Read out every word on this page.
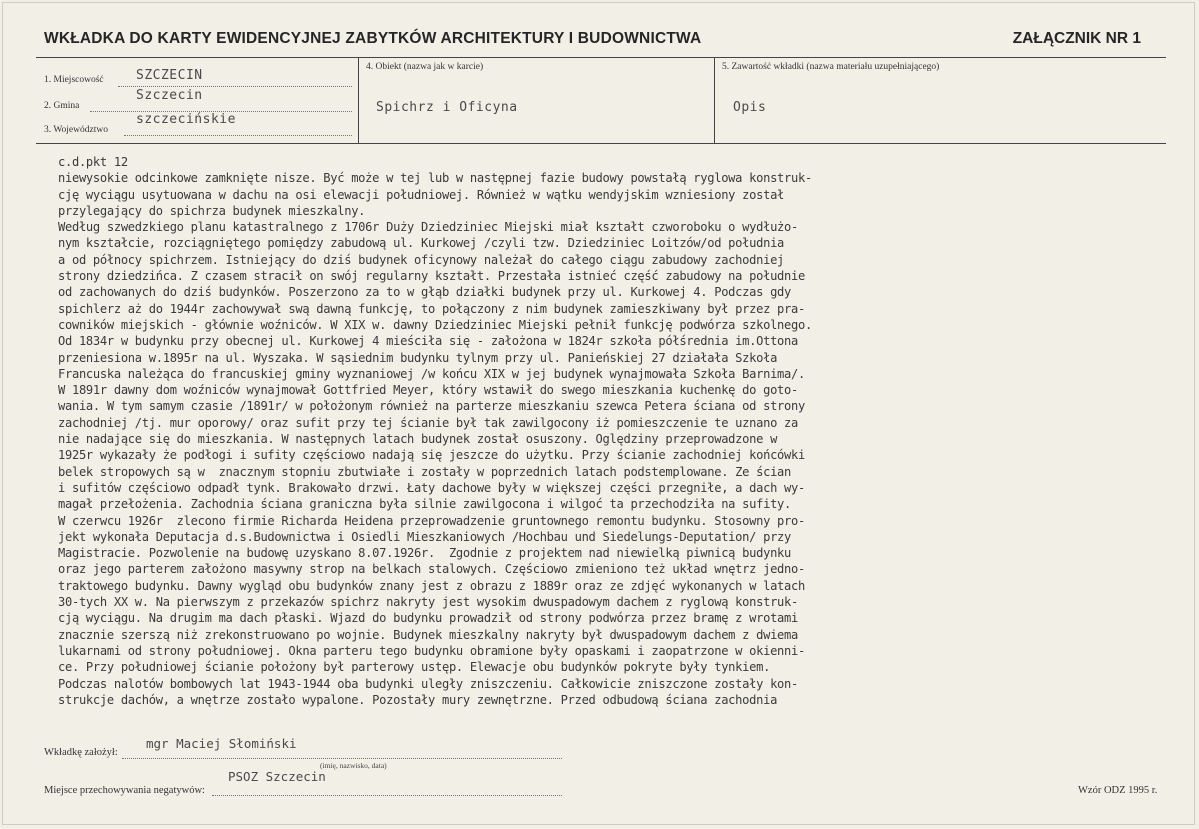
WKŁADKA DO KARTY EWIDENCYJNEJ ZABYTKÓW ARCHITEKTURY I BUDOWNICTWA	ZAŁĄCZNIK NR 1
1. Miejscowość SZCZECIN
2. Gmina
Szczecin
3. Województwo
szczecińskie
4. Obiekt (nazwa jak w karcie)
Spichrz i Oficyna
5. Zawartość wkładki (nazwa materiału uzupełniającego)
Opis
c.d.pkt 12
niewysokie odcinkowe zamknięte nisze. Być może w tej lub w następnej fazie budowy powstałą ryglowa konstruk-
cję wyciągu usytuowana w dachu na osi elewacji południowej. Również w wątku wendyjskim wzniesiony został
przylegający do spichrza budynek mieszkalny.
Według szwedzkiego planu katastralnego z 1706r Duży Dziedziniec Miejski miał kształt czworoboku o wydłużo-
nym kształcie, rozciągniętego pomiędzy zabudową ul. Kurkowej /czyli tzw. Dziedziniec Loitzów/od południa
a od północy spichrzem. Istniejący do dziś budynek oficynowy należał do całego ciągu zabudowy zachodniej
strony dziedzińca. Z czasem stracił on swój regularny kształt. Przestała istnieć część zabudowy na południe
od zachowanych do dziś budynków. Poszerzono za to w głąb działki budynek przy ul. Kurkowej 4. Podczas gdy
spichlerz aż do 1944r zachowywał swą dawną funkcję, to połączony z nim budynek zamieszkiwany był przez pra-
cowników miejskich - głównie woźniców. W XIX w. dawny Dziedziniec Miejski pełnił funkcję podwórza szkolnego.
Od 1834r w budynku przy obecnej ul. Kurkowej 4 mieściła się - założona w 1824r szkoła półśrednia im.Ottona
przeniesiona w.1895r na ul. Wyszaka. W sąsiednim budynku tylnym przy ul. Panieńskiej 27 działała Szkoła
Francuska należąca do francuskiej gminy wyznaniowej /w końcu XIX w jej budynek wynajmowała Szkoła Barnima/.
W 1891r dawny dom woźniców wynajmował Gottfried Meyer, który wstawił do swego mieszkania kuchenkę do goto-
wania. W tym samym czasie /1891r/ w położonym również na parterze mieszkaniu szewca Petera ściana od strony
zachodniej /tj. mur oporowy/ oraz sufit przy tej ścianie był tak zawilgocony iż pomieszczenie te uznano za
nie nadające się do mieszkania. W następnych latach budynek został osuszony. Oględziny przeprowadzone w
1925r wykazały że podłogi i sufity częściowo nadają się jeszcze do użytku. Przy ścianie zachodniej końcówki
belek stropowych są w  znacznym stopniu zbutwiałe i zostały w poprzednich latach podstemplowane. Ze ścian
i sufitów częściowo odpadł tynk. Brakowało drzwi. Łaty dachowe były w większej części przegniłe, a dach wy-
magał przełożenia. Zachodnia ściana graniczna była silnie zawilgocona i wilgoć ta przechodziła na sufity.
W czerwcu 1926r  zlecono firmie Richarda Heidena przeprowadzenie gruntownego remontu budynku. Stosowny pro-
jekt wykonała Deputacja d.s.Budownictwa i Osiedli Mieszkaniowych /Hochbau und Siedelungs-Deputation/ przy
Magistracie. Pozwolenie na budowę uzyskano 8.07.1926r.  Zgodnie z projektem nad niewielką piwnicą budynku
oraz jego parterem założono masywny strop na belkach stalowych. Częściowo zmieniono też układ wnętrz jedno-
traktowego budynku. Dawny wygląd obu budynków znany jest z obrazu z 1889r oraz ze zdjęć wykonanych w latach
30-tych XX w. Na pierwszym z przekazów spichrz nakryty jest wysokim dwuspadowym dachem z ryglową konstruk-
cją wyciągu. Na drugim ma dach płaski. Wjazd do budynku prowadził od strony podwórza przez bramę z wrotami
znacznie szerszą niż zrekonstruowano po wojnie. Budynek mieszkalny nakryty był dwuspadowym dachem z dwiema
lukarnami od strony południowej. Okna parteru tego budynku obramione były opaskami i zaopatrzone w okienni-
ce. Przy południowej ścianie położony był parterowy ustęp. Elewacje obu budynków pokryte były tynkiem.
Podczas nalotów bombowych lat 1943-1944 oba budynki uległy zniszczeniu. Całkowicie zniszczone zostały kon-
strukcje dachów, a wnętrze zostało wypalone. Pozostały mury zewnętrzne. Przed odbudową ściana zachodnia
Wkładkę założył:
mgr Maciej Słomiński
(imię, nazwisko, data)
Miejsce przechowywania negatywów:
PSOZ Szczecin
Wzór ODZ 1995 r.
